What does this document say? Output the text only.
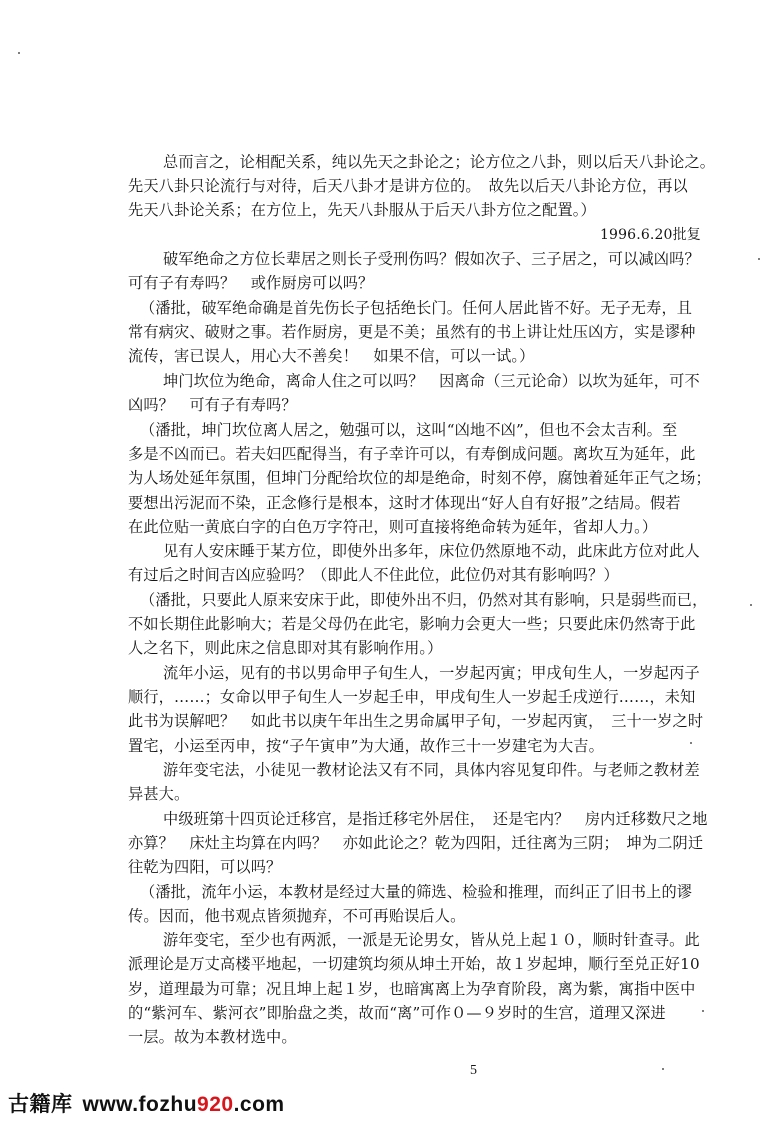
总而言之，论相配关系，纯以先天之卦论之；论方位之八卦，则以后天八卦论之。
先天八卦只论流行与对待，后天八卦才是讲方位的。　故先以后天八卦论方位，再以
先天八卦论关系；在方位上，先天八卦服从于后天八卦方位之配置。）
1996.6.20批复
破军绝命之方位长辈居之则长子受刑伤吗？假如次子、三子居之，可以减凶吗？
可有子有寿吗？　或作厨房可以吗？
（潘批，破军绝命确是首先伤长子包括绝长门。任何人居此皆不好。无子无寿，且
常有病灾、破财之事。若作厨房，更是不美；虽然有的书上讲让灶压凶方，实是谬种
流传，害已误人，用心大不善矣！　如果不信，可以一试。）
坤门坎位为绝命，离命人住之可以吗？　因离命（三元论命）以坎为延年，可不
凶吗？　可有子有寿吗？
（潘批，坤门坎位离人居之，勉强可以，这叫“凶地不凶”，但也不会太吉利。至
多是不凶而已。若夫妇匹配得当，有子幸许可以，有寿倒成问题。离坎互为延年，此
为人场处延年氛围，但坤门分配给坎位的却是绝命，时刻不停，腐蚀着延年正气之场；
要想出污泥而不染，正念修行是根本，这时才体现出“好人自有好报”之结局。假若
在此位贴一黄底白字的白色万字符卍，则可直接将绝命转为延年，省却人力。）
见有人安床睡于某方位，即使外出多年，床位仍然原地不动，此床此方位对此人
有过后之时间吉凶应验吗？（即此人不住此位，此位仍对其有影响吗？）
（潘批，只要此人原来安床于此，即使外出不归，仍然对其有影响，只是弱些而已，
不如长期住此影响大；若是父母仍在此宅，影响力会更大一些；只要此床仍然寄于此
人之名下，则此床之信息即对其有影响作用。）
流年小运，见有的书以男命甲子旬生人，一岁起丙寅；甲戌旬生人，一岁起丙子
顺行，……；女命以甲子旬生人一岁起壬申，甲戌旬生人一岁起壬戌逆行……，未知
此书为误解吧？　如此书以庚午年出生之男命属甲子旬，一岁起丙寅，　三十一岁之时
置宅，小运至丙申，按“子午寅申”为大通，故作三十一岁建宅为大吉。
游年变宅法，小徒见一教材论法又有不同，具体内容见复印件。与老师之教材差
异甚大。
中级班第十四页论迁移宫，是指迁移宅外居住，　还是宅内？　房内迁移数尺之地
亦算？　床灶主均算在内吗？　亦如此论之？乾为四阳，迁往离为三阴；　坤为二阴迁
往乾为四阳，可以吗？
（潘批，流年小运，本教材是经过大量的筛选、检验和推理，而纠正了旧书上的谬
传。因而，他书观点皆须抛弃，不可再贻误后人。
游年变宅，至少也有两派，一派是无论男女，皆从兑上起１０，顺时针查寻。此
派理论是万丈高楼平地起，一切建筑均须从坤土开始，故１岁起坤，顺行至兑正好10
岁，道理最为可靠；况且坤上起１岁，也暗寓离上为孕育阶段，离为紫，寓指中医中
的“紫河车、紫河衣”即胎盘之类，故而“离”可作０—９岁时的生宫，道理又深进
一层。故为本教材选中。
5
古籍库 www.fozhu920.com
